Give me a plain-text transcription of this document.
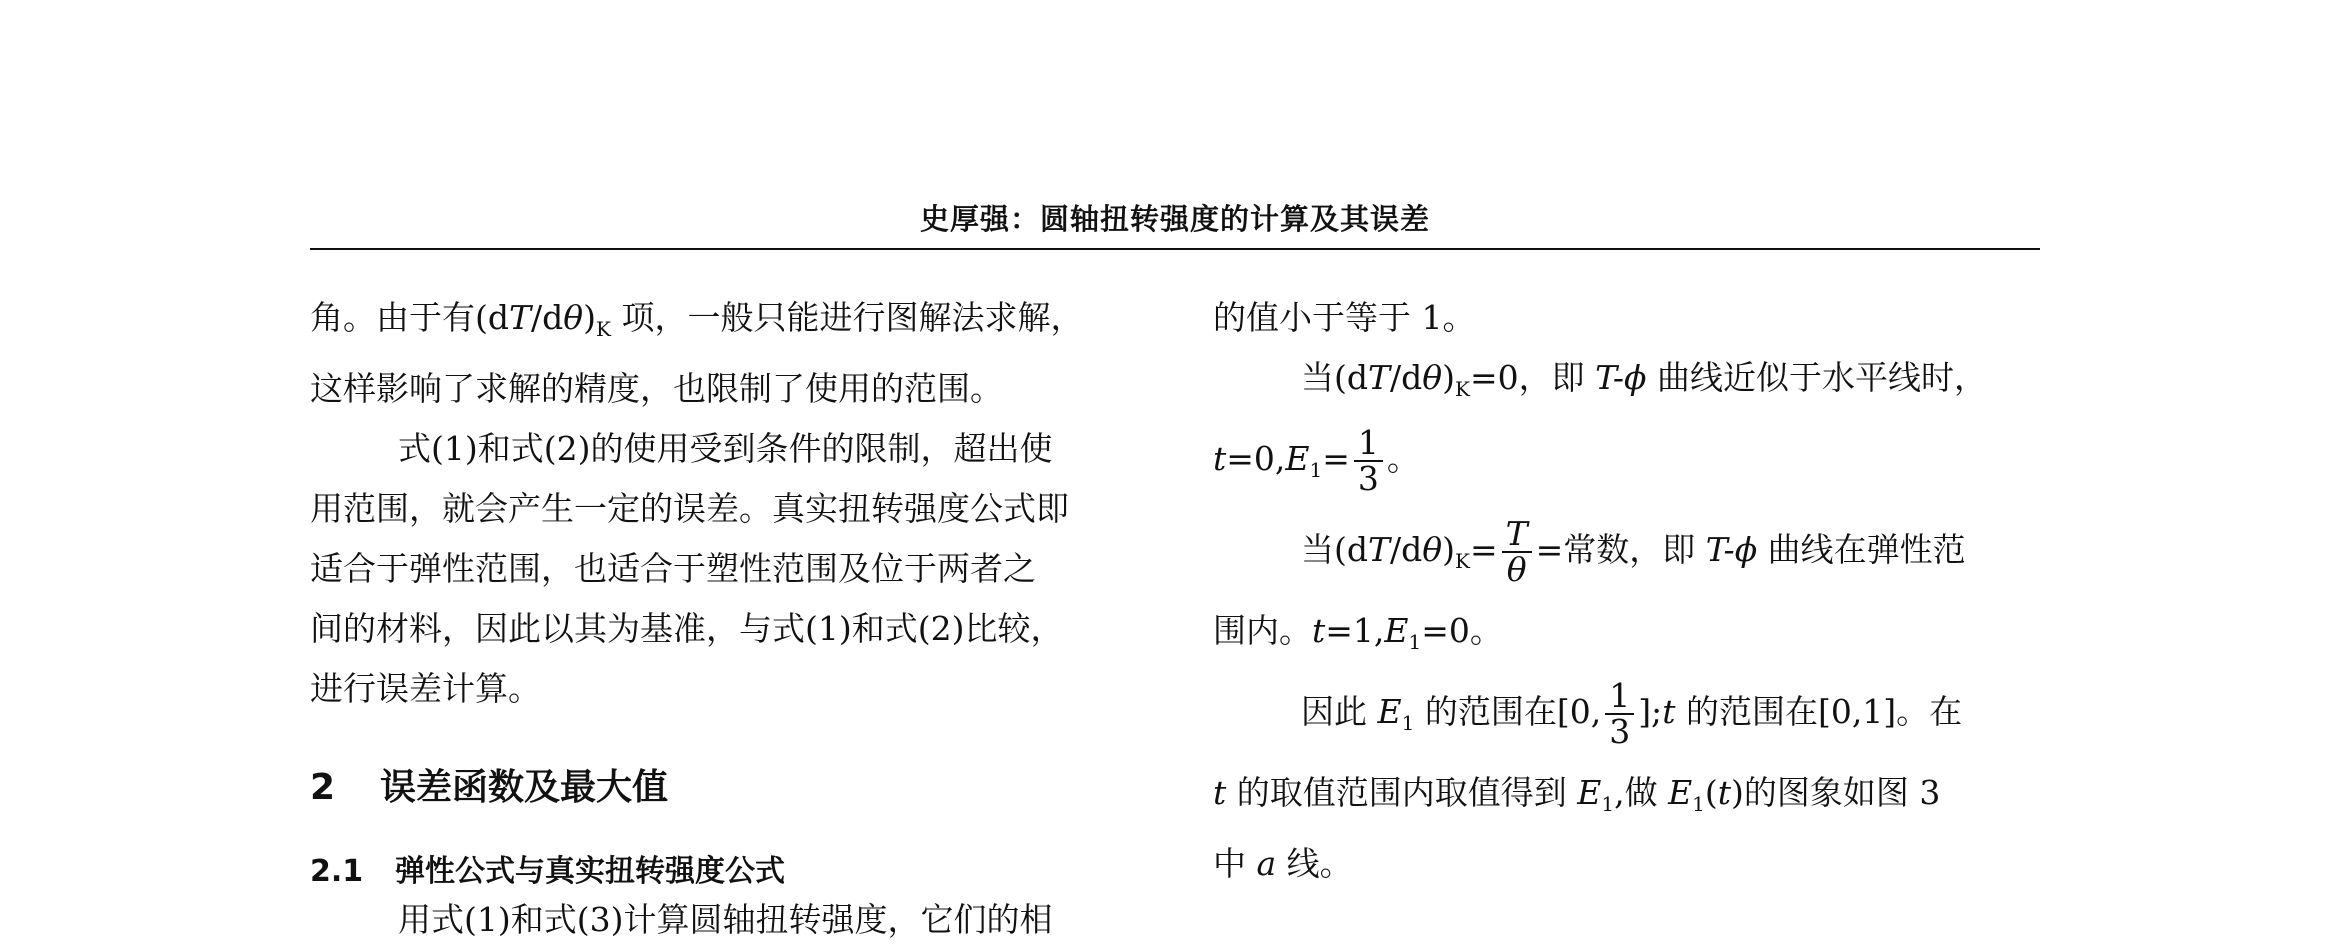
史厚强：圆轴扭转强度的计算及其误差

角。由于有$(dT/d\theta)_K$ 项，一般只能进行图解法求解，
这样影响了求解的精度，也限制了使用的范围。

式(1)和式(2)的使用受到条件的限制，超出使
用范围，就会产生一定的误差。真实扭转强度公式即
适合于弹性范围，也适合于塑性范围及位于两者之
间的材料，因此以其为基准，与式(1)和式(2)比较，
进行误差计算。

2 误差函数及最大值
2.1 弹性公式与真实扭转强度公式

用式(1)和式(3)计算圆轴扭转强度，它们的相

的值小于等于 1。

当$(dT/d\theta)_K=0$，即 T-ϕ 曲线近似于水平线时，
$t=0,E_1= \frac{1}{3}$ 。

当$(dT/d\theta)_K= \frac{T}{\theta}$ =常数，即 T-ϕ 曲线在弹性范
围内。$t=1,E_1=0$。

因此 $E_1$ 的范围在[0, $\frac{1}{3}$ ];t 的范围在[0,1]。在
t 的取值范围内取值得到 $E_1$,做 $E_1(t)$的图象如图 3
中 a 线。
